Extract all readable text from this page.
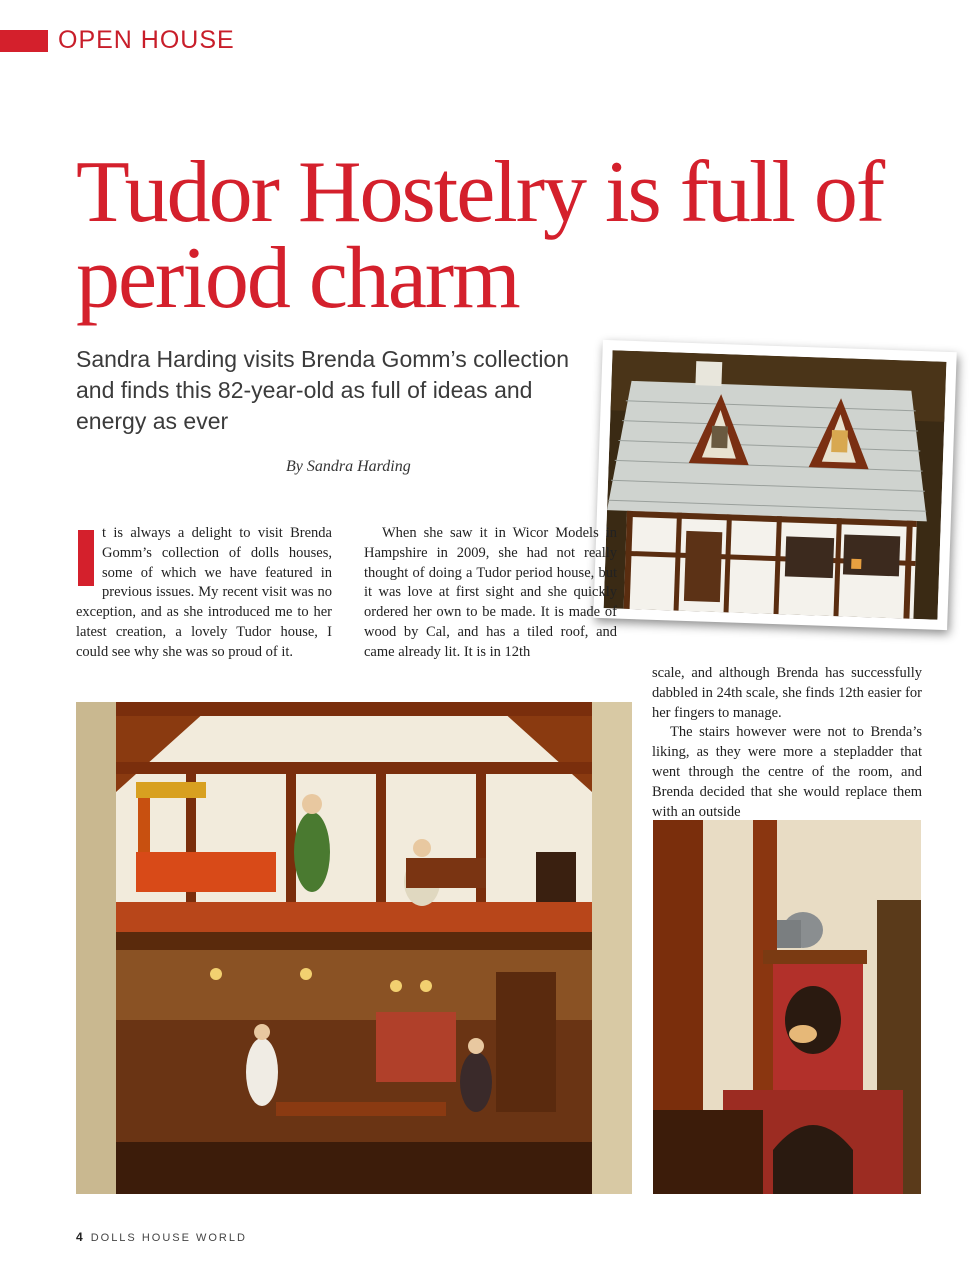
OPEN HOUSE
Tudor Hostelry is full of period charm

Sandra Harding visits Brenda Gomm’s collection and finds this 82-year-old as full of ideas and energy as ever

By Sandra Harding
t is always a delight to visit Brenda Gomm’s collection of dolls houses, some of which we have featured in previous issues. My recent visit was no exception, and as she introduced me to her latest creation, a lovely Tudor house, I could see why she was so proud of it.
When she saw it in Wicor Models in Hampshire in 2009, she had not really thought of doing a Tudor period house, but it was love at first sight and she quickly ordered her own to be made. It is made of wood by Cal, and has a tiled roof, and came already lit. It is in 12th
scale, and although Brenda has successfully dabbled in 24th scale, she finds 12th easier for her fingers to manage.
The stairs however were not to Brenda’s liking, as they were more a stepladder that went through the centre of the room, and Brenda decided that she would replace them with an outside
4 DOLLS HOUSE WORLD
